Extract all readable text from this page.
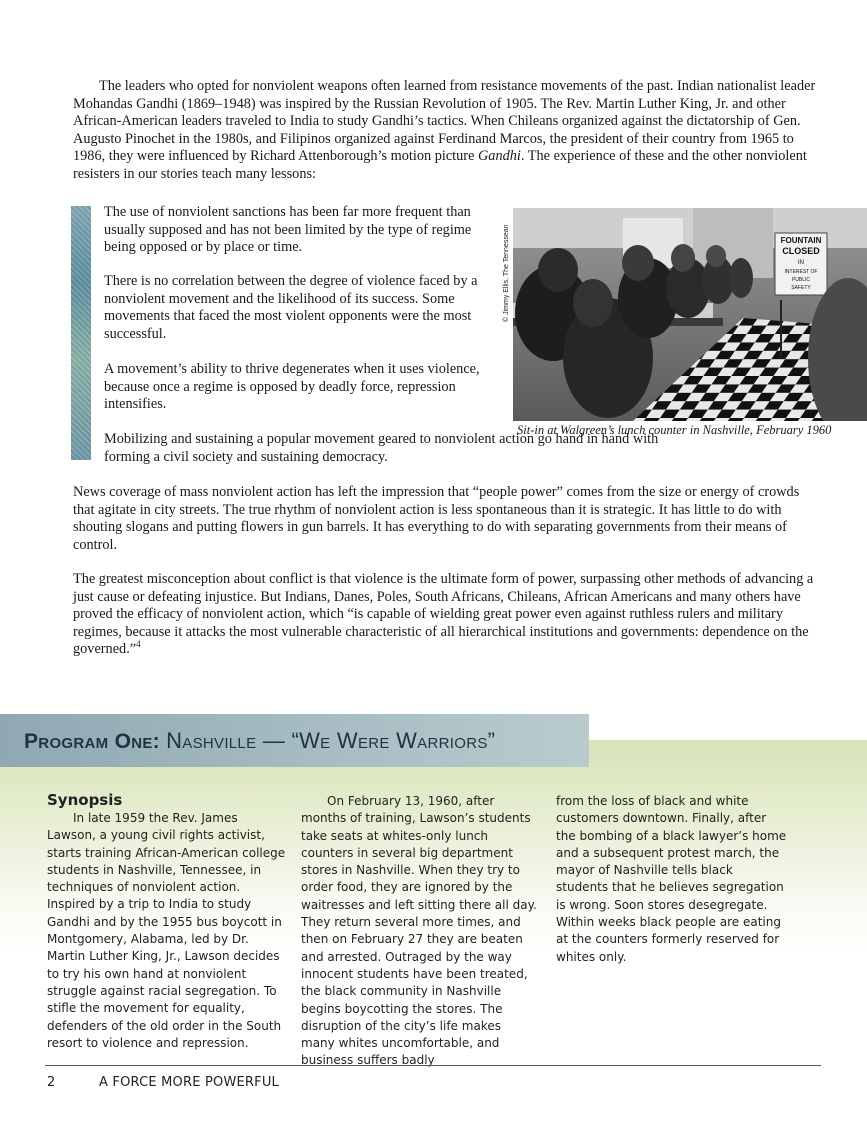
The leaders who opted for nonviolent weapons often learned from resistance movements of the past. Indian nationalist leader Mohandas Gandhi (1869–1948) was inspired by the Russian Revolution of 1905. The Rev. Martin Luther King, Jr. and other African-American leaders traveled to India to study Gandhi’s tactics. When Chileans organized against the dictatorship of Gen. Augusto Pinochet in the 1980s, and Filipinos organized against Ferdinand Marcos, the president of their country from 1965 to 1986, they were influenced by Richard Attenborough’s motion picture Gandhi. The experience of these and the other nonviolent resisters in our stories teach many lessons:

The use of nonviolent sanctions has been far more frequent than usually supposed and has not been limited by the type of regime being opposed or by place or time.

There is no correlation between the degree of violence faced by a nonviolent movement and the likelihood of its success. Some movements that faced the most violent opponents were the most successful.

A movement’s ability to thrive degenerates when it uses violence, because once a regime is opposed by deadly force, repression intensifies.

Mobilizing and sustaining a popular movement geared to nonviolent action go hand in hand with forming a civil society and sustaining democracy.

FOUNTAIN
CLOSED
IN
INTEREST OF
PUBLIC
SAFETY
© Jimmy Ellis, The Tennessean
Sit-in at Walgreen’s lunch counter in Nashville, February 1960

News coverage of mass nonviolent action has left the impression that “people power” comes from the size or energy of crowds that agitate in city streets. The true rhythm of nonviolent action is less spontaneous than it is strategic. It has little to do with shouting slogans and putting flowers in gun barrels. It has everything to do with separating governments from their means of control.

The greatest misconception about conflict is that violence is the ultimate form of power, surpassing other methods of advancing a just cause or defeating injustice. But Indians, Danes, Poles, South Africans, Chileans, African Americans and many others have proved the efficacy of nonviolent action, which “is capable of wielding great power even against ruthless rulers and military regimes, because it attacks the most vulnerable characteristic of all hierarchical institutions and governments: dependence on the governed.”$^4$

Program One: Nashville — “We Were Warriors”
Synopsis
In late 1959 the Rev. James Lawson, a young civil rights activist, starts training African-American college students in Nashville, Tennessee, in techniques of nonviolent action. Inspired by a trip to India to study Gandhi and by the 1955 bus boycott in Montgomery, Alabama, led by Dr. Martin Luther King, Jr., Lawson decides to try his own hand at nonviolent struggle against racial segregation. To stifle the movement for equality, defenders of the old order in the South resort to violence and repression.
On February 13, 1960, after months of training, Lawson’s students take seats at whites-only lunch counters in several big department stores in Nashville. When they try to order food, they are ignored by the waitresses and left sitting there all day. They return several more times, and then on February 27 they are beaten and arrested. Outraged by the way innocent students have been treated, the black community in Nashville begins boycotting the stores. The disruption of the city’s life makes many whites uncomfortable, and business suffers badly
from the loss of black and white customers downtown. Finally, after the bombing of a black lawyer’s home and a subsequent protest march, the mayor of Nashville tells black students that he believes segregation is wrong. Soon stores desegregate. Within weeks black people are eating at the counters formerly reserved for whites only.
2	A FORCE MORE POWERFUL
